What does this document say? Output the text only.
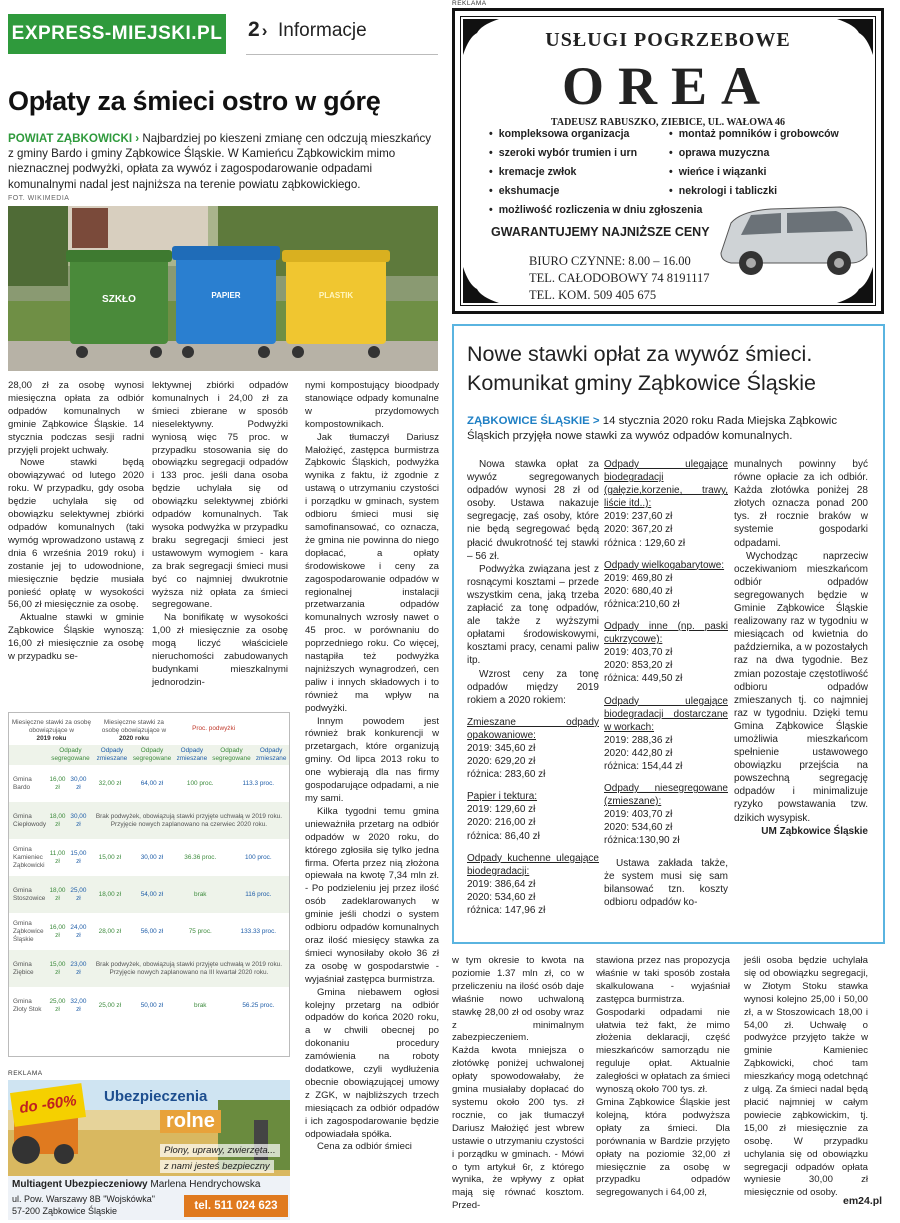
EXPRESS-MIEJSKI.PL 2 › Informacje
Opłaty za śmieci ostro w górę
POWIAT ZĄBKOWICKI › Najbardziej po kieszeni zmianę cen odczują mieszkańcy z gminy Bardo i gminy Ząbkowice Śląskie. W Kamieńcu Ząbkowickim mimo nieznacznej podwyżki, opłata za wywóz i zagospodarowanie odpadami komunalnymi nadal jest najniższa na terenie powiatu ząbkowickiego.
FOT. WIKIMEDIA
SZKŁO	PAPIER	PLASTIK

28,00 zł za osobę wynosi miesięczna opłata za odbiór odpadów komunalnych w gminie Ząbkowice Śląskie. 14 stycznia podczas sesji radni przyjęli projekt uchwały.

Nowe stawki będą obowiązywać od lutego 2020 roku. W przypadku, gdy osoba będzie uchylała się od obowiązku selektywnej zbiórki odpadów komunalnych (taki wymóg wprowadzono ustawą z dnia 6 września 2019 roku) i zostanie jej to udowodnione, miesięcznie będzie musiała ponieść opłatę w wysokości 56,00 zł miesięcznie za osobę.

Aktualne stawki w gminie Ząbkowice Śląskie wynoszą: 16,00 zł miesięcznie za osobę w przypadku se-

lektywnej zbiórki odpadów komunalnych i 24,00 zł za śmieci zbierane w sposób nieselektywny. Podwyżki wyniosą więc 75 proc. w przypadku stosowania się do obowiązku segregacji odpadów i 133 proc. jeśli dana osoba będzie uchylała się od obowiązku selektywnej zbiórki odpadów komunalnych. Tak wysoka podwyżka w przypadku braku segregacji śmieci jest ustawowym wymogiem - kara za brak segregacji śmieci musi być co najmniej dwukrotnie wyższa niż opłata za śmieci segregowane.

Na bonifikatę w wysokości 1,00 zł miesięcznie za osobę mogą liczyć właściciele nieruchomości zabudowanych budynkami mieszkalnymi jednorodzin-

nymi kompostujący bioodpady stanowiące odpady komunalne w przydomowych kompostownikach.

Jak tłumaczył Dariusz Małożięć, zastępca burmistrza Ząbkowic Śląskich, podwyżka wynika z faktu, iż zgodnie z ustawą o utrzymaniu czystości i porządku w gminach, system odbioru śmieci musi się samofinansować, co oznacza, że gmina nie powinna do niego dopłacać, a opłaty środowiskowe i ceny za zagospodarowanie odpadów w regionalnej instalacji przetwarzania odpadów komunalnych wzrosły nawet o 45 proc. w porównaniu do poprzedniego roku. Co więcej, nastąpiła też podwyżka najniższych wynagrodzeń, cen paliw i innych składowych i to również ma wpływ na podwyżki.

Innym powodem jest również brak konkurencji w przetargach, które organizują gminy. Od lipca 2013 roku to one wybierają dla nas firmy gospodarujące odpadami, a nie my sami.

Kilka tygodni temu gmina unieważniła przetarg na odbiór odpadów w 2020 roku, do którego zgłosiła się tylko jedna firma. Oferta przez nią złożona opiewała na kwotę 7,34 mln zł. - Po podzieleniu jej przez ilość osób zadeklarowanych w gminie jeśli chodzi o system odbioru odpadów komunalnych oraz ilość miesięcy stawka za śmieci wynosiłaby około 36 zł za osobę w gospodarstwie - wyjaśniał zastępca burmistrza.

Gmina niebawem ogłosi kolejny przetarg na odbiór odpadów do końca 2020 roku, a w chwili obecnej po dokonaniu procedury zamówienia na roboty dodatkowe, czyli wydłużenia obecnie obowiązującej umowy z ZGK, w najbliższych trzech miesiącach za odbiór odpadów i ich zagospodarowanie będzie odpowiadała spółka.

Cena za odbiór śmieci

Miesięczne stawki za osobę obowiązujące w
2019 roku		Miesięczne stawki za osobę obowiązujące w
2020 roku		Proc. podwyżki		
	Odpady segregowane	Odpady zmieszane	Odpady segregowane	Odpady zmieszane	Odpady segregowane	Odpady zmieszane
Gmina Bardo	16,00 zł	30,00 zł	32,00 zł	64,00 zł	100 proc.	113.3 proc.
Gmina Ciepłowody	18,00 zł	30,00 zł	Brak podwyżek, obowiązują stawki przyjęte uchwałą w 2019 roku. Przyjęcie nowych zaplanowano na czerwiec 2020 roku.			
Gmina Kamieniec Ząbkowicki	11,00 zł	15,00 zł	15,00 zł	30,00 zł	36.36 proc.	100 proc.
Gmina Stoszowice	18,00 zł	25,00 zł	18,00 zł	54,00 zł	brak	116 proc.
Gmina Ząbkowice Śląskie	16,00 zł	24,00 zł	28,00 zł	56,00 zł	75 proc.	133.33 proc.
Gmina Ziębice	15,00 zł	23,00 zł	Brak podwyżek, obowiązują stawki przyjęte uchwałą w 2019 roku. Przyjęcie nowych zaplanowano na III kwartał 2020 roku.			
Gmina Złoty Stok	25,00 zł	32,00 zł	25,00 zł	50,00 zł	brak	56.25 proc.
REKLAMA
USŁUGI POGRZEBOWE
OREA
TADEUSZ RABUSZKO, ZIEBICE, UL. WAŁOWA 46
• kompleksowa organizacja
• szeroki wybór trumien i urn
• kremacje zwłok
• ekshumacje
• możliwość rozliczenia w dniu zgłoszenia
• montaż pomników i grobowców
• oprawa muzyczna
• wieńce i wiązanki
• nekrologi i tabliczki
GWARANTUJEMY NAJNIŻSZE CENY
BIURO CZYNNE: 8.00 – 16.00
TEL. CAŁODOBOWY 74 8191117
TEL. KOM. 509 405 675
Nowe stawki opłat za wywóz śmieci. Komunikat gminy Ząbkowice Śląskie
ZĄBKOWICE ŚLĄSKIE > 14 stycznia 2020 roku Rada Miejska Ząbkowic Śląskich przyjęła nowe stawki za wywóz odpadów komunalnych.

Nowa stawka opłat za wywóz segregowanych odpadów wynosi 28 zł od osoby. Ustawa nakazuje segregację, zaś osoby, które nie będą segregować będą płacić dwukrotność tej stawki – 56 zł.

Podwyżka związana jest z rosnącymi kosztami – przede wszystkim cena, jaką trzeba zapłacić za tonę odpadów, ale także z wyższymi opłatami środowiskowymi, kosztami pracy, cenami paliw itp.

Wzrost ceny za tonę odpadów między 2019 rokiem a 2020 rokiem:

Zmieszane odpady opakowaniowe:
2019: 345,60 zł
2020: 629,20 zł
różnica: 283,60 zł
Papier i tektura:
2019: 129,60 zł
2020: 216,00 zł
różnica: 86,40 zł
Odpady kuchenne ulegające biodegradacji:
2019: 386,64 zł
2020: 534,60 zł
różnica: 147,96 zł
Odpady ulegające biodegradacji (gałęzie,korzenie, trawy, liście itd..):
2019: 237,60 zł
2020: 367,20 zł
różnica : 129,60 zł
Odpady wielkogabarytowe:
2019: 469,80 zł
2020: 680,40 zł
różnica:210,60 zł
Odpady inne (np. paski cukrzycowe):
2019: 403,70 zł
2020: 853,20 zł
różnica: 449,50 zł
Odpady ulegające biodegradacji dostarczane w workach:
2019: 288,36 zł
2020: 442,80 zł
różnica: 154,44 zł
Odpady niesegregowane (zmieszane):
2019: 403,70 zł
2020: 534,60 zł
różnica:130,90 zł

Ustawa zakłada także, że system musi się sam bilansować tzn. koszty odbioru odpadów ko-

munalnych powinny być równe opłacie za ich odbiór. Każda złotówka poniżej 28 złotych oznacza ponad 200 tys. zł rocznie braków w systemie gospodarki odpadami.

Wychodząc naprzeciw oczekiwaniom mieszkańcom odbiór odpadów segregowanych będzie w Gminie Ząbkowice Śląskie realizowany raz w tygodniu w miesiącach od kwietnia do października, a w pozostałych raz na dwa tygodnie. Bez zmian pozostaje częstotliwość odbioru odpadów zmieszanych tj. co najmniej raz w tygodniu. Dzięki temu Gmina Ząbkowice Śląskie umożliwia mieszkańcom spełnienie ustawowego obowiązku przejścia na powszechną segregację odpadów i minimalizuje ryzyko powstawania tzw. dzikich wysypisk.

UM Ząbkowice Śląskie

w tym okresie to kwota na poziomie 1.37 mln zł, co w przeliczeniu na ilość osób daje właśnie nowo uchwaloną stawkę 28,00 zł od osoby wraz z minimalnym zabezpieczeniem.
Każda kwota mniejsza o złotówkę poniżej uchwalonej opłaty spowodowałaby, że gmina musiałaby dopłacać do systemu około 200 tys. zł rocznie, co jak tłumaczył Dariusz Małożięć jest wbrew ustawie o utrzymaniu czystości i porządku w gminach. - Mówi o tym artykuł 6r, z którego wynika, że wpływy z opłat mają się równać kosztom. Przed-

stawiona przez nas propozycja właśnie w taki sposób została skalkulowana - wyjaśniał zastępca burmistrza.
Gospodarki odpadami nie ułatwia też fakt, że mimo złożenia deklaracji, część mieszkańców samorządu nie reguluje opłat. Aktualnie zaległości w opłatach za śmieci wynoszą około 700 tys. zł.
Gmina Ząbkowice Śląskie jest kolejną, która podwyższa opłaty za śmieci. Dla porównania w Bardzie przyjęto opłaty na poziomie 32,00 zł miesięcznie za osobę w przypadku odpadów segregowanych i 64,00 zł,

jeśli osoba będzie uchylała się od obowiązku segregacji, w Złotym Stoku stawka wynosi kolejno 25,00 i 50,00 zł, a w Stoszowicach 18,00 i 54,00 zł. Uchwałę o podwyżce przyjęto także w gminie Kamieniec Ząbkowicki, choć tam mieszkańcy mogą odetchnąć z ulgą. Za śmieci nadal będą płacić najmniej w całym powiecie ząbkowickim, tj. 15,00 zł miesięcznie za osobę. W przypadku uchylania się od obowiązku segregacji odpadów opłata wyniesie 30,00 zł miesięcznie od osoby.

em24.pl
REKLAMA
do -60%	Ubezpieczenia
rolne
Plony, uprawy, zwierzęta...
z nami jesteś bezpieczny
Multiagent Ubezpieczeniowy Marlena Hendrychowska
ul. Pow. Warszawy 8B "Wojskówka"
57-200 Ząbkowice Śląskie	tel. 511 024 623
